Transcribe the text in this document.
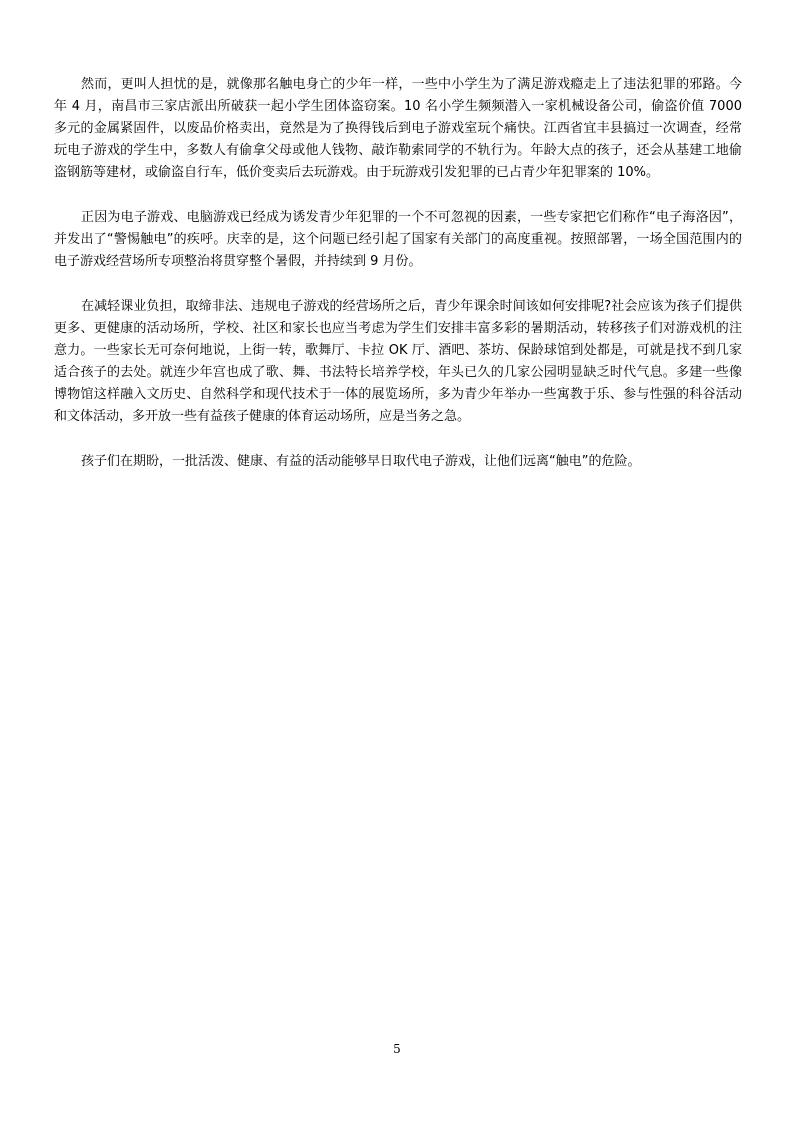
然而，更叫人担忧的是，就像那名触电身亡的少年一样，一些中小学生为了满足游戏瘾走上了违法犯罪的邪路。今年 4 月，南昌市三家店派出所破获一起小学生团体盗窃案。10 名小学生频频潜入一家机械设备公司，偷盗价值 7000 多元的金属紧固件，以废品价格卖出，竟然是为了换得钱后到电子游戏室玩个痛快。江西省宜丰县搞过一次调查，经常玩电子游戏的学生中，多数人有偷拿父母或他人钱物、敲诈勒索同学的不轨行为。年龄大点的孩子，还会从基建工地偷盗钢筋等建材，或偷盗自行车，低价变卖后去玩游戏。由于玩游戏引发犯罪的已占青少年犯罪案的 10%。

正因为电子游戏、电脑游戏已经成为诱发青少年犯罪的一个不可忽视的因素，一些专家把它们称作“电子海洛因”，并发出了“警惕触电”的疾呼。庆幸的是，这个问题已经引起了国家有关部门的高度重视。按照部署，一场全国范围内的电子游戏经营场所专项整治将贯穿整个暑假，并持续到 9 月份。

在减轻课业负担，取缔非法、违规电子游戏的经营场所之后，青少年课余时间该如何安排呢?社会应该为孩子们提供更多、更健康的活动场所，学校、社区和家长也应当考虑为学生们安排丰富多彩的暑期活动，转移孩子们对游戏机的注意力。一些家长无可奈何地说，上街一转，歌舞厅、卡拉 OK 厅、酒吧、茶坊、保龄球馆到处都是，可就是找不到几家适合孩子的去处。就连少年宫也成了歌、舞、书法特长培养学校，年头已久的几家公园明显缺乏时代气息。多建一些像博物馆这样融入文历史、自然科学和现代技术于一体的展览场所，多为青少年举办一些寓教于乐、参与性强的科谷活动和文体活动，多开放一些有益孩子健康的体育运动场所，应是当务之急。

孩子们在期盼，一批活泼、健康、有益的活动能够早日取代电子游戏，让他们远离“触电”的危险。

5
